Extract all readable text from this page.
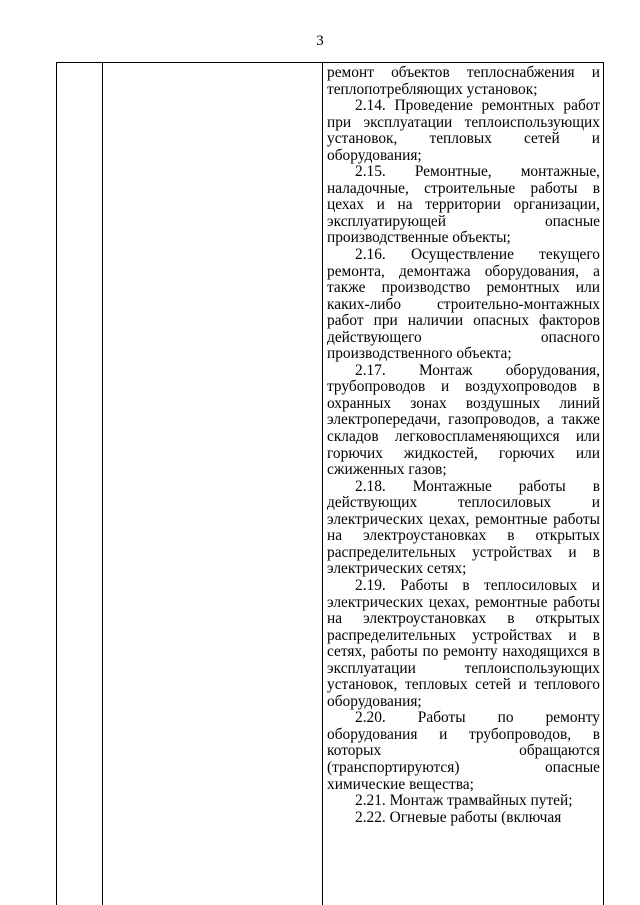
3

ремонт объектов теплоснабжения и теплопотребляющих установок;

2.14. Проведение ремонтных работ при эксплуатации теплоиспользующих установок, тепловых сетей и оборудования;

2.15. Ремонтные, монтажные, наладочные, строительные работы в цехах и на территории организации, эксплуатирующей опасные производственные объекты;

2.16. Осуществление текущего ремонта, демонтажа оборудования, а также производство ремонтных или каких-либо строительно-монтажных работ при наличии опасных факторов действующего опасного производственного объекта;

2.17. Монтаж оборудования, трубопроводов и воздухопроводов в охранных зонах воздушных линий электропередачи, газопроводов, а также складов легковоспламеняющихся или горючих жидкостей, горючих или сжиженных газов;

2.18. Монтажные работы в действующих теплосиловых и электрических цехах, ремонтные работы на электроустановках в открытых распределительных устройствах и в электрических сетях;

2.19. Работы в теплосиловых и электрических цехах, ремонтные работы на электроустановках в открытых распределительных устройствах и в сетях, работы по ремонту находящихся в эксплуатации теплоиспользующих установок, тепловых сетей и теплового оборудования;

2.20. Работы по ремонту оборудования и трубопроводов, в которых обращаются (транспортируются) опасные химические вещества;

2.21. Монтаж трамвайных путей;

2.22. Огневые работы (включая
